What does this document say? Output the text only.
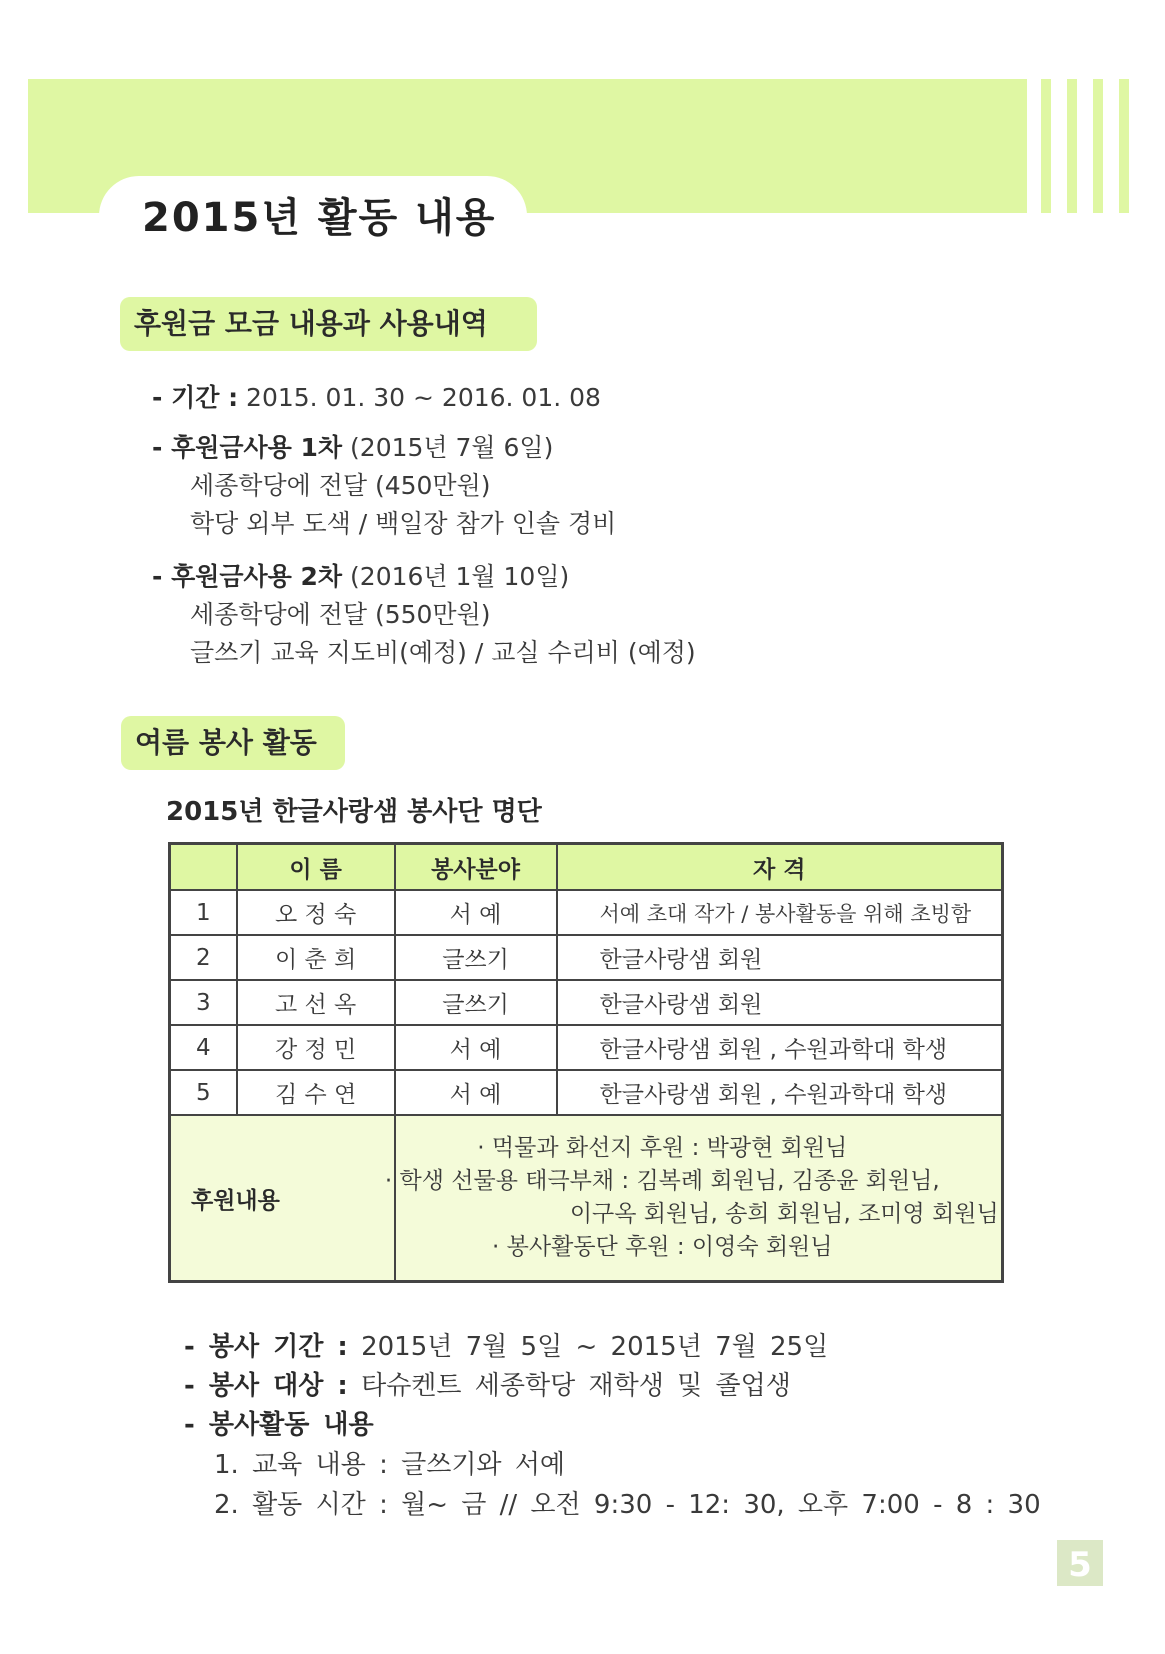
2015년 활동 내용
후원금 모금 내용과 사용내역
- 기간 : 2015. 01. 30 ~ 2016. 01. 08
- 후원금사용 1차 (2015년 7월 6일)
세종학당에 전달 (450만원)
학당 외부 도색 / 백일장 참가 인솔 경비
- 후원금사용 2차 (2016년 1월 10일)
세종학당에 전달 (550만원)
글쓰기 교육 지도비(예정) / 교실 수리비 (예정)
여름 봉사 활동
2015년 한글사랑샘 봉사단 명단
	이 름	봉사분야	자 격
1	오 정 숙	서 예	서예 초대 작가 / 봉사활동을 위해 초빙함
2	이 춘 희	글쓰기	한글사랑샘 회원
3	고 선 옥	글쓰기	한글사랑샘 회원
4	강 정 민	서 예	한글사랑샘 회원 , 수원과학대 학생
5	김 수 연	서 예	한글사랑샘 회원 , 수원과학대 학생
후원내용		· 먹물과 화선지 후원 : 박광현 회원님
· 학생 선물용 태극부채 : 김복례 회원님, 김종윤 회원님,
이구옥 회원님, 송희 회원님, 조미영 회원님
· 봉사활동단 후원 : 이영숙 회원님	
- 봉사 기간 : 2015년 7월 5일 ~ 2015년 7월 25일
- 봉사 대상 : 타슈켄트 세종학당 재학생 및 졸업생
- 봉사활동 내용
1. 교육 내용 : 글쓰기와 서예
2. 활동 시간 : 월~ 금 // 오전 9:30 - 12: 30, 오후 7:00 - 8 : 30
5
